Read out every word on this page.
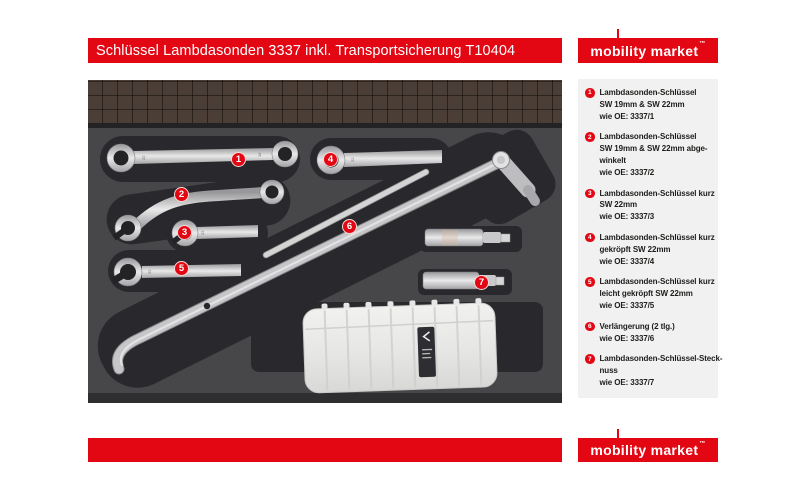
Schlüssel Lambdasonden 3337 inkl. Transportsicherung T10404	mobility market ™
22
19
22
22
22
1
2
3
4
5
6
7
1 Lambdasonden-Schlüssel
SW 19mm & SW 22mm
wie OE: 3337/1
2 Lambdasonden-Schlüssel
SW 19mm & SW 22mm abge-
winkelt
wie OE: 3337/2
3 Lambdasonden-Schlüssel kurz
SW 22mm
wie OE: 3337/3
4 Lambdasonden-Schlüssel kurz
gekröpft SW 22mm
wie OE: 3337/4
5 Lambdasonden-Schlüssel kurz
leicht gekröpft SW 22mm
wie OE: 3337/5
6 Verlängerung (2 tlg.)
wie OE: 3337/6
7 Lambdasonden-Schlüssel-Steck-
nuss
wie OE: 3337/7
mobility market ™
